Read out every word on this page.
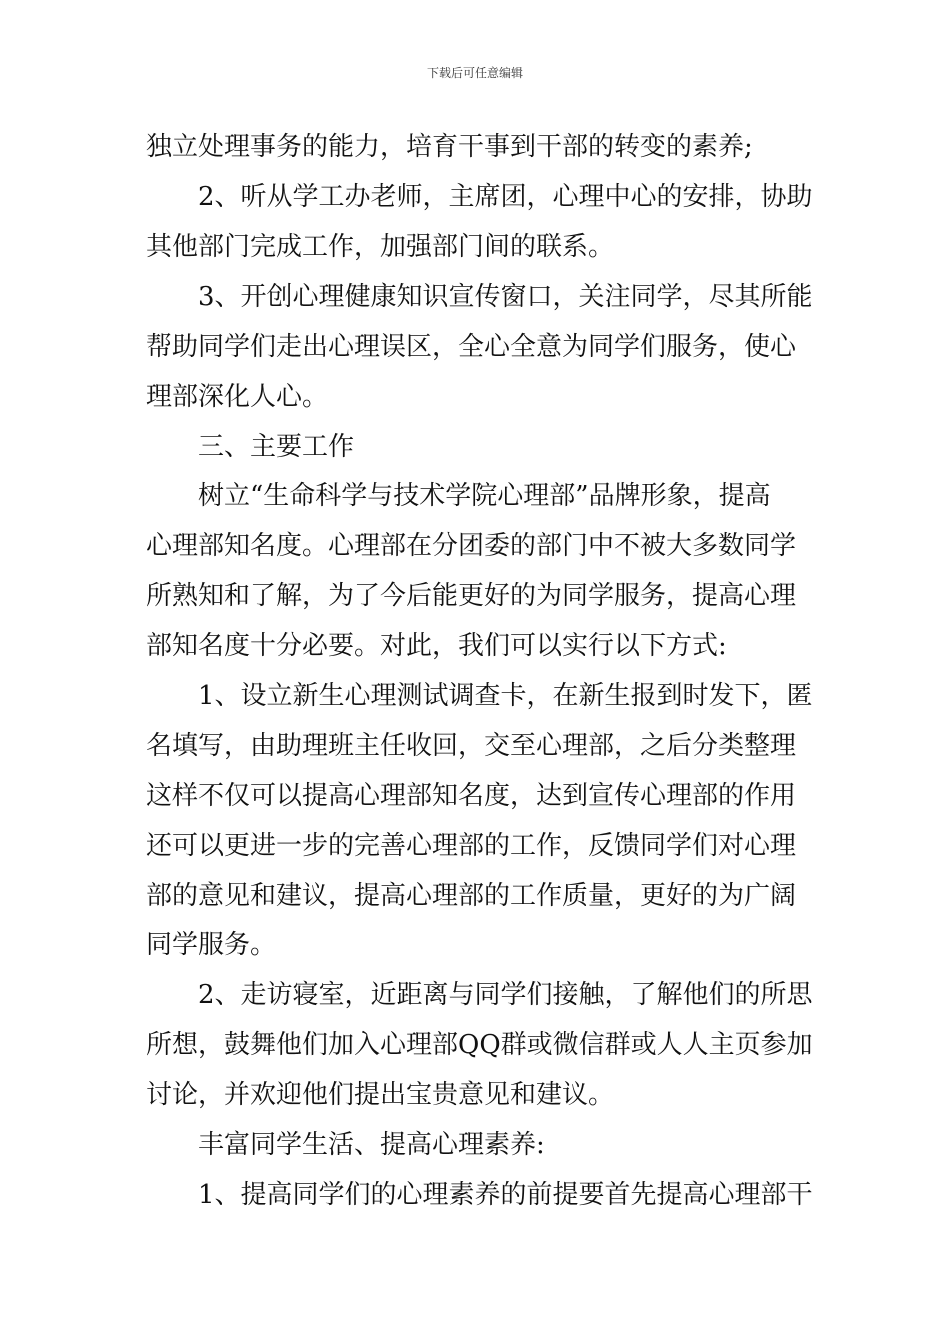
下载后可任意编辑
独立处理事务的能力，培育干事到干部的转变的素养;
2、听从学工办老师，主席团，心理中心的安排，协助
其他部门完成工作，加强部门间的联系。
3、开创心理健康知识宣传窗口，关注同学，尽其所能
帮助同学们走出心理误区，全心全意为同学们服务，使心
理部深化人心。
三、主要工作
树立“生命科学与技术学院心理部”品牌形象，提高
心理部知名度。心理部在分团委的部门中不被大多数同学
所熟知和了解，为了今后能更好的为同学服务，提高心理
部知名度十分必要。对此，我们可以实行以下方式:
1、设立新生心理测试调查卡，在新生报到时发下，匿
名填写，由助理班主任收回，交至心理部，之后分类整理
这样不仅可以提高心理部知名度，达到宣传心理部的作用
还可以更进一步的完善心理部的工作，反馈同学们对心理
部的意见和建议，提高心理部的工作质量，更好的为广阔
同学服务。
2、走访寝室，近距离与同学们接触，了解他们的所思
所想，鼓舞他们加入心理部QQ群或微信群或人人主页参加
讨论，并欢迎他们提出宝贵意见和建议。
丰富同学生活、提高心理素养:
1、提高同学们的心理素养的前提要首先提高心理部干
